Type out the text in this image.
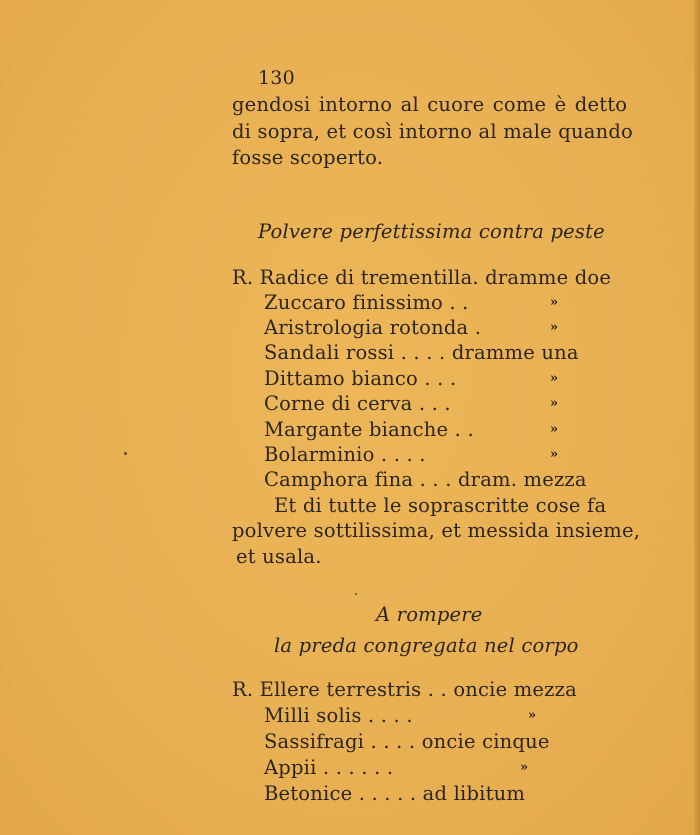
130
gendosi intorno al cuore come è detto
di sopra, et così intorno al male quando
fosse scoperto.
Polvere perfettissima contra peste
R. Radice di trementilla. dramme doe
Zuccaro finissimo . .	»
Aristrologia rotonda .	»
Sandali rossi . . . . dramme una
Dittamo bianco . . .	»
Corne di cerva . . .	»
Margante bianche . .	»
Bolarminio . . . .	»
Camphora fina . . . dram. mezza
Et di tutte le soprascritte cose fa
polvere sottilissima, et messida insieme,
et usala.
A rompere
la preda congregata nel corpo
R. Ellere terrestris . . oncie mezza
Milli solis . . . .	»
Sassifragi . . . . oncie cinque
Appii . . . . . .	»
Betonice . . . . . ad libitum
